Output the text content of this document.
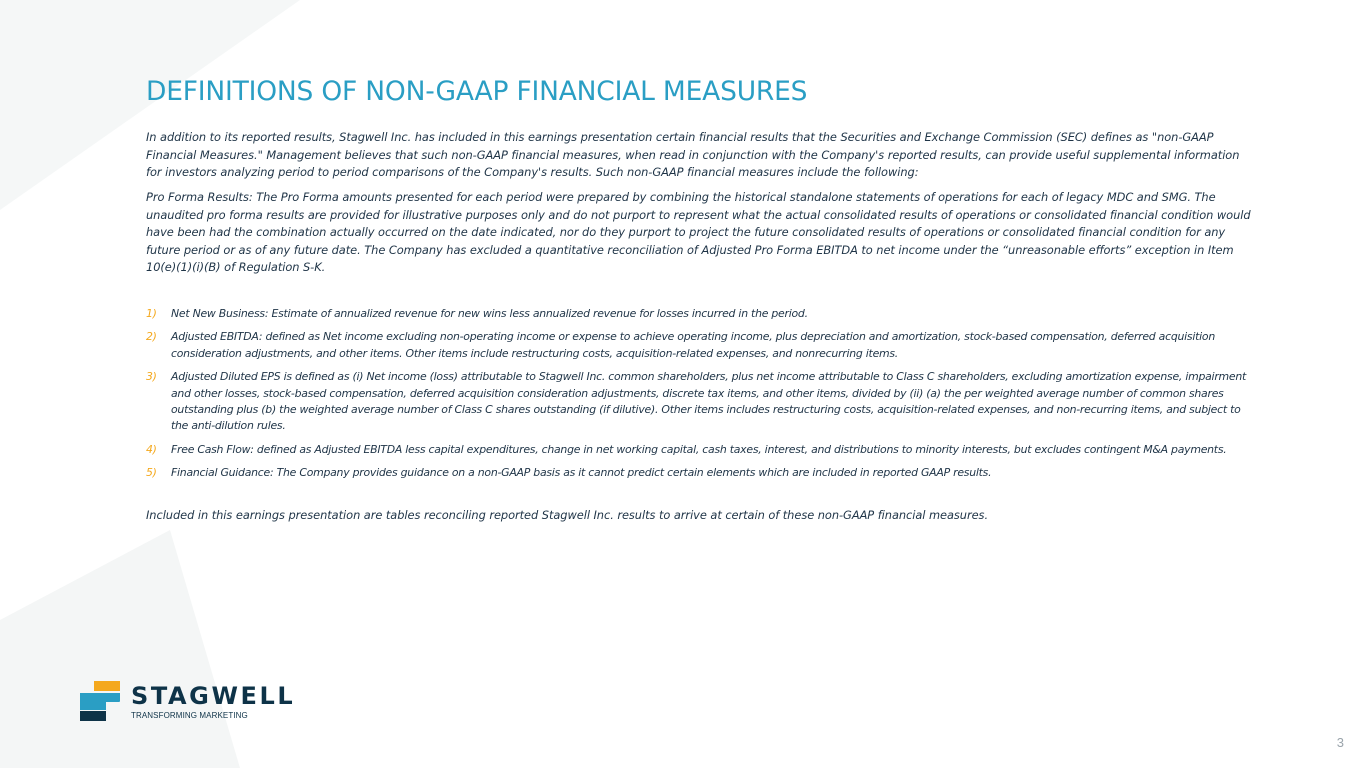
DEFINITIONS OF NON-GAAP FINANCIAL MEASURES

In addition to its reported results, Stagwell Inc. has included in this earnings presentation certain financial results that the Securities and Exchange Commission (SEC) defines as "non-GAAP Financial Measures." Management believes that such non-GAAP financial measures, when read in conjunction with the Company's reported results, can provide useful supplemental information for investors analyzing period to period comparisons of the Company's results. Such non-GAAP financial measures include the following:

Pro Forma Results: The Pro Forma amounts presented for each period were prepared by combining the historical standalone statements of operations for each of legacy MDC and SMG. The unaudited pro forma results are provided for illustrative purposes only and do not purport to represent what the actual consolidated results of operations or consolidated financial condition would have been had the combination actually occurred on the date indicated, nor do they purport to project the future consolidated results of operations or consolidated financial condition for any future period or as of any future date. The Company has excluded a quantitative reconciliation of Adjusted Pro Forma EBITDA to net income under the “unreasonable efforts” exception in Item 10(e)(1)(i)(B) of Regulation S-K.

1)	Net New Business: Estimate of annualized revenue for new wins less annualized revenue for losses incurred in the period.
2)	Adjusted EBITDA: defined as Net income excluding non-operating income or expense to achieve operating income, plus depreciation and amortization, stock-based compensation, deferred acquisition consideration adjustments, and other items. Other items include restructuring costs, acquisition-related expenses, and nonrecurring items.
3)	Adjusted Diluted EPS is defined as (i) Net income (loss) attributable to Stagwell Inc. common shareholders, plus net income attributable to Class C shareholders, excluding amortization expense, impairment and other losses, stock-based compensation, deferred acquisition consideration adjustments, discrete tax items, and other items, divided by (ii) (a) the per weighted average number of common shares outstanding plus (b) the weighted average number of Class C shares outstanding (if dilutive). Other items includes restructuring costs, acquisition-related expenses, and non-recurring items, and subject to the anti-dilution rules.
4)	Free Cash Flow: defined as Adjusted EBITDA less capital expenditures, change in net working capital, cash taxes, interest, and distributions to minority interests, but excludes contingent M&A payments.
5)	Financial Guidance: The Company provides guidance on a non-GAAP basis as it cannot predict certain elements which are included in reported GAAP results.

Included in this earnings presentation are tables reconciling reported Stagwell Inc. results to arrive at certain of these non-GAAP financial measures.

STAGWELL
TRANSFORMING MARKETING
3
